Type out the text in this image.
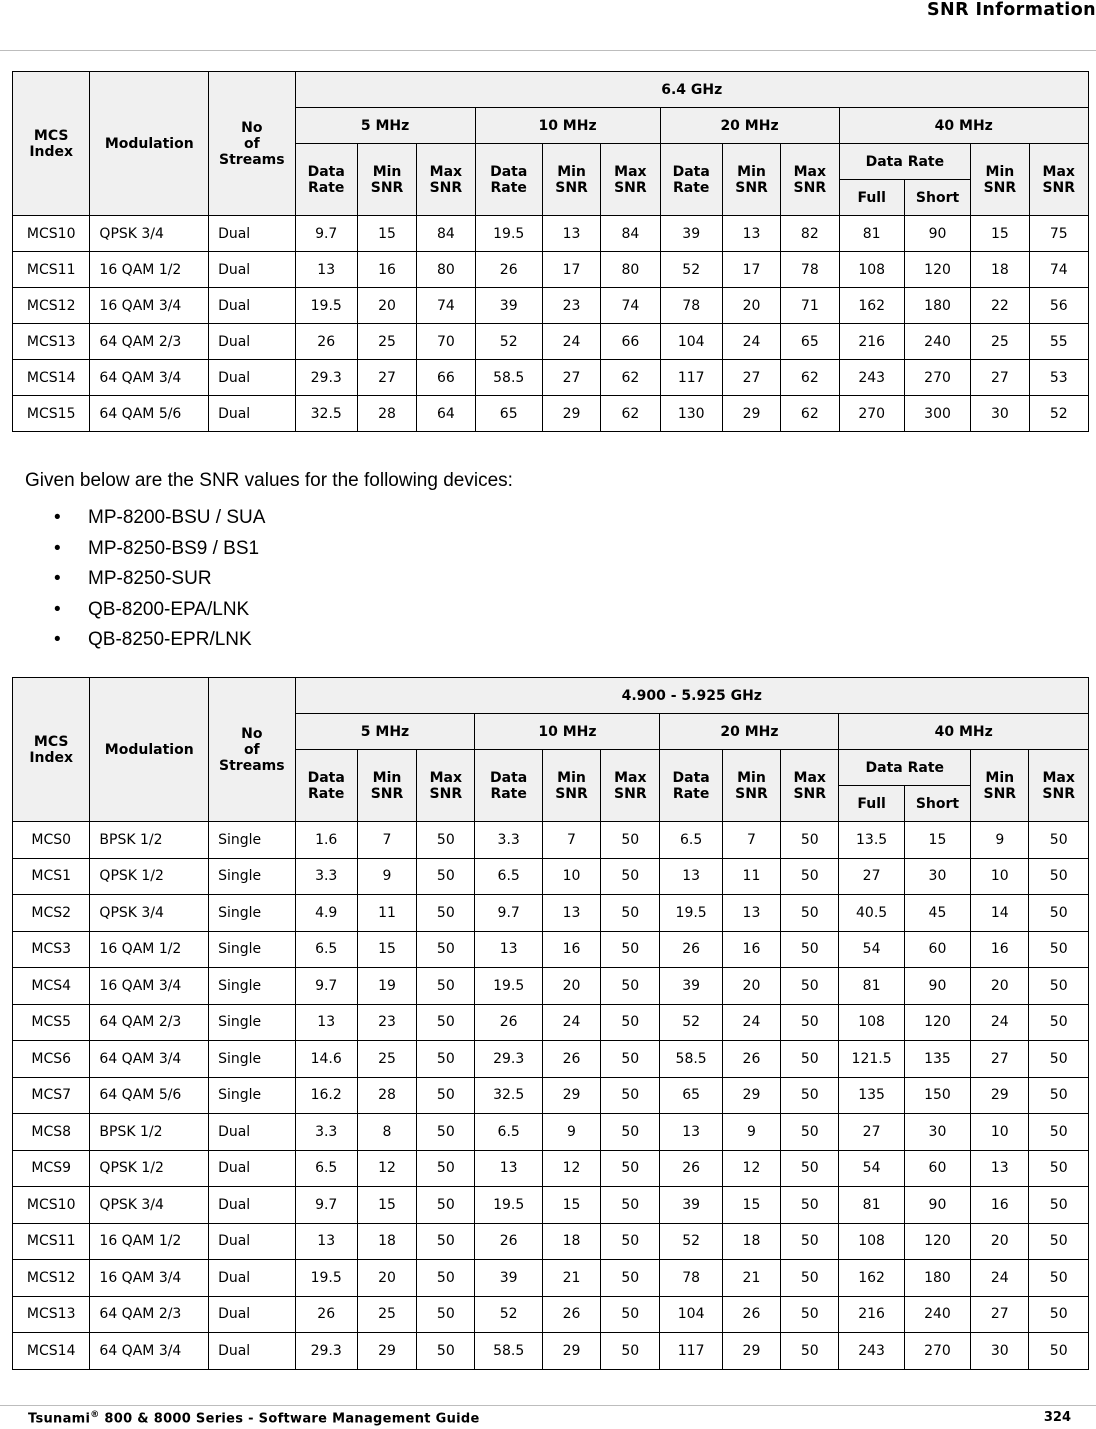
SNR Information
MCS Index	Modulation	No
of
Streams	6.4 GHz												
			5 MHz			10 MHz			20 MHz			40 MHz			
			Data Rate	Min SNR	Max SNR	Data Rate	Min SNR	Max SNR	Data Rate	Min SNR	Max SNR	Data Rate		Min SNR	Max SNR
												Full	Short		
MCS10	QPSK 3/4	Dual	9.7	15	84	19.5	13	84	39	13	82	81	90	15	75
MCS11	16 QAM 1/2	Dual	13	16	80	26	17	80	52	17	78	108	120	18	74
MCS12	16 QAM 3/4	Dual	19.5	20	74	39	23	74	78	20	71	162	180	22	56
MCS13	64 QAM 2/3	Dual	26	25	70	52	24	66	104	24	65	216	240	25	55
MCS14	64 QAM 3/4	Dual	29.3	27	66	58.5	27	62	117	27	62	243	270	27	53
MCS15	64 QAM 5/6	Dual	32.5	28	64	65	29	62	130	29	62	270	300	30	52
Given below are the SNR values for the following devices:
• MP-8200-BSU / SUA
• MP-8250-BS9 / BS1
• MP-8250-SUR
• QB-8200-EPA/LNK
• QB-8250-EPR/LNK
MCS Index	Modulation	No
of
Streams	4.900 - 5.925 GHz												
			5 MHz			10 MHz			20 MHz			40 MHz			
			Data Rate	Min SNR	Max SNR	Data Rate	Min SNR	Max SNR	Data Rate	Min SNR	Max SNR	Data Rate		Min SNR	Max SNR
												Full	Short		
MCS0	BPSK 1/2	Single	1.6	7	50	3.3	7	50	6.5	7	50	13.5	15	9	50
MCS1	QPSK 1/2	Single	3.3	9	50	6.5	10	50	13	11	50	27	30	10	50
MCS2	QPSK 3/4	Single	4.9	11	50	9.7	13	50	19.5	13	50	40.5	45	14	50
MCS3	16 QAM 1/2	Single	6.5	15	50	13	16	50	26	16	50	54	60	16	50
MCS4	16 QAM 3/4	Single	9.7	19	50	19.5	20	50	39	20	50	81	90	20	50
MCS5	64 QAM 2/3	Single	13	23	50	26	24	50	52	24	50	108	120	24	50
MCS6	64 QAM 3/4	Single	14.6	25	50	29.3	26	50	58.5	26	50	121.5	135	27	50
MCS7	64 QAM 5/6	Single	16.2	28	50	32.5	29	50	65	29	50	135	150	29	50
MCS8	BPSK 1/2	Dual	3.3	8	50	6.5	9	50	13	9	50	27	30	10	50
MCS9	QPSK 1/2	Dual	6.5	12	50	13	12	50	26	12	50	54	60	13	50
MCS10	QPSK 3/4	Dual	9.7	15	50	19.5	15	50	39	15	50	81	90	16	50
MCS11	16 QAM 1/2	Dual	13	18	50	26	18	50	52	18	50	108	120	20	50
MCS12	16 QAM 3/4	Dual	19.5	20	50	39	21	50	78	21	50	162	180	24	50
MCS13	64 QAM 2/3	Dual	26	25	50	52	26	50	104	26	50	216	240	27	50
MCS14	64 QAM 3/4	Dual	29.3	29	50	58.5	29	50	117	29	50	243	270	30	50
Tsunami® 800 & 8000 Series - Software Management Guide	324
